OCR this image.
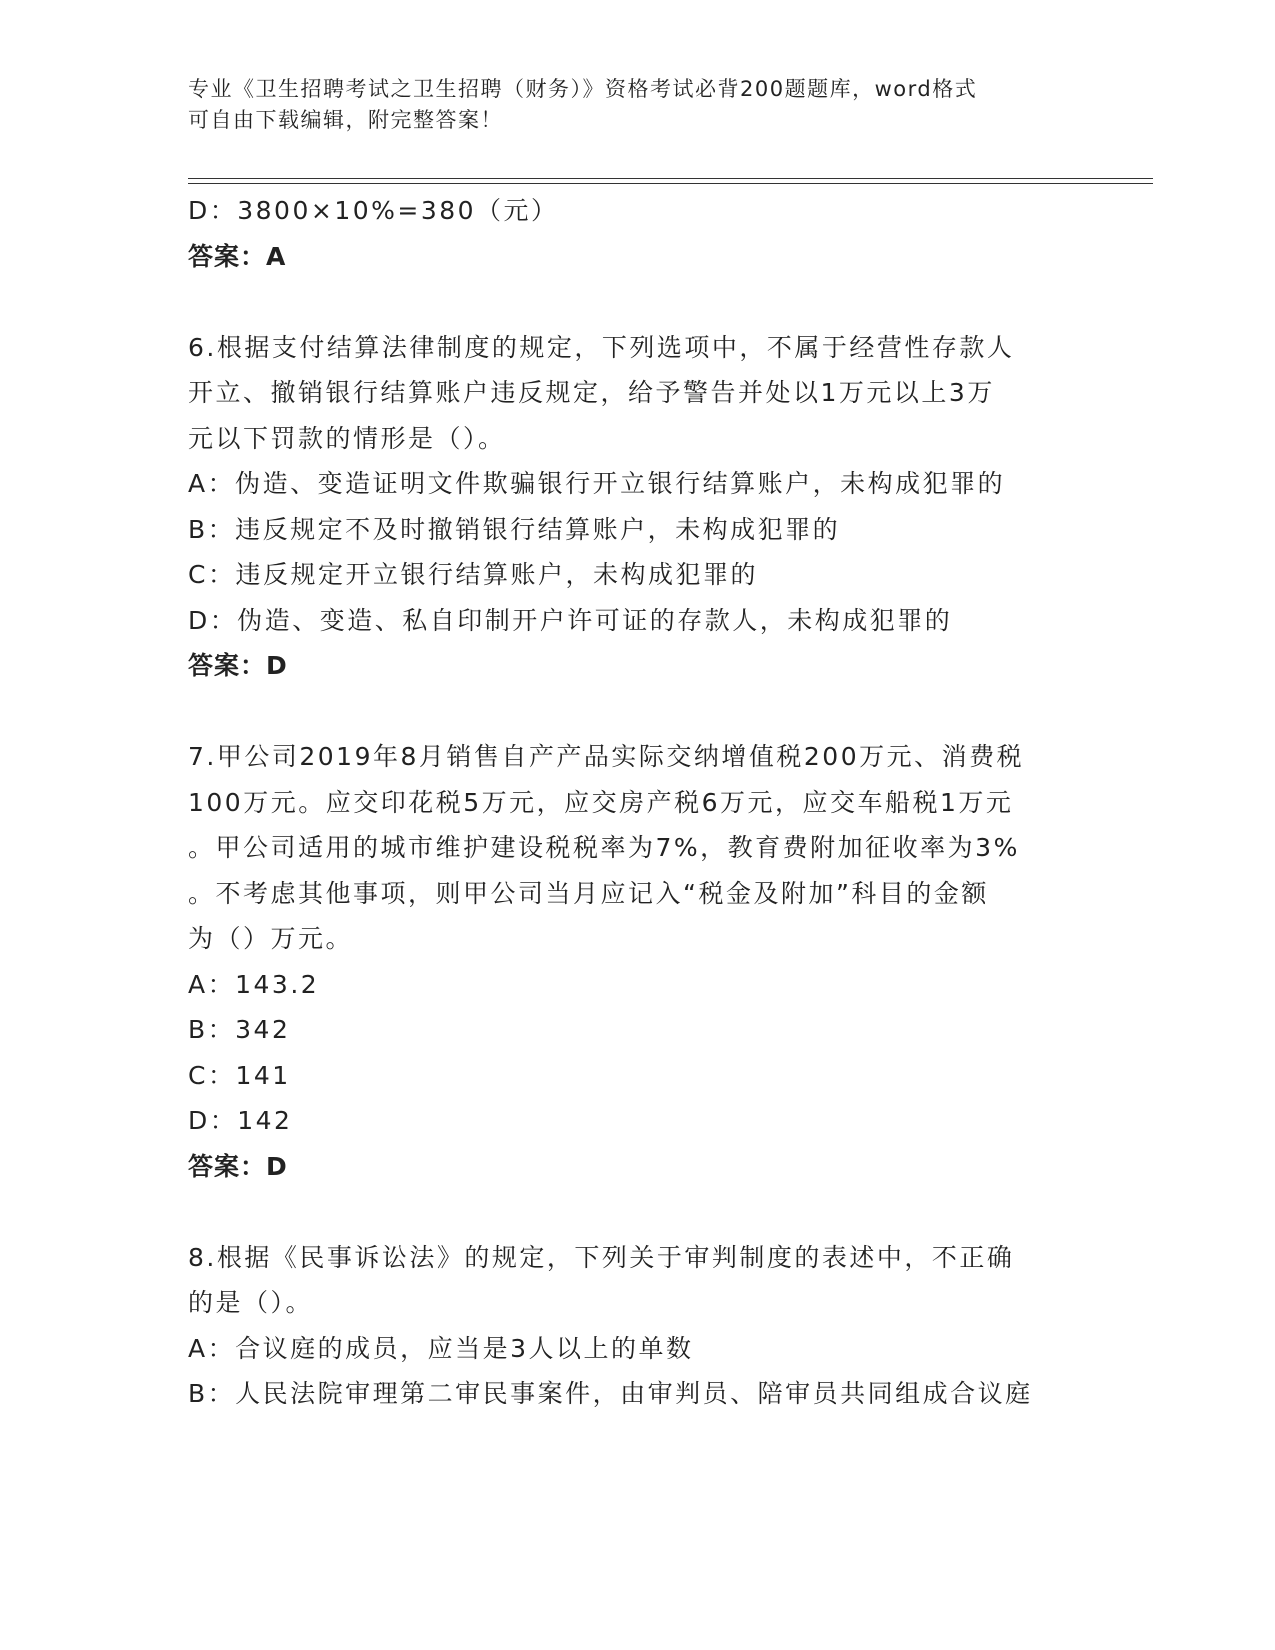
专业《卫生招聘考试之卫生招聘（财务）》资格考试必背200题题库，word格式
可自由下载编辑，附完整答案！
D：3800×10%=380（元）
答案：A
6.根据支付结算法律制度的规定，下列选项中，不属于经营性存款人
开立、撤销银行结算账户违反规定，给予警告并处以1万元以上3万
元以下罚款的情形是（）。
A：伪造、变造证明文件欺骗银行开立银行结算账户，未构成犯罪的
B：违反规定不及时撤销银行结算账户，未构成犯罪的
C：违反规定开立银行结算账户，未构成犯罪的
D：伪造、变造、私自印制开户许可证的存款人，未构成犯罪的
答案：D
7.甲公司2019年8月销售自产产品实际交纳增值税200万元、消费税
100万元。应交印花税5万元，应交房产税6万元，应交车船税1万元
。甲公司适用的城市维护建设税税率为7%，教育费附加征收率为3%
。不考虑其他事项，则甲公司当月应记入“税金及附加”科目的金额
为（）万元。
A：143.2
B：342
C：141
D：142
答案：D
8.根据《民事诉讼法》的规定，下列关于审判制度的表述中，不正确
的是（）。
A：合议庭的成员，应当是3人以上的单数
B：人民法院审理第二审民事案件，由审判员、陪审员共同组成合议庭
